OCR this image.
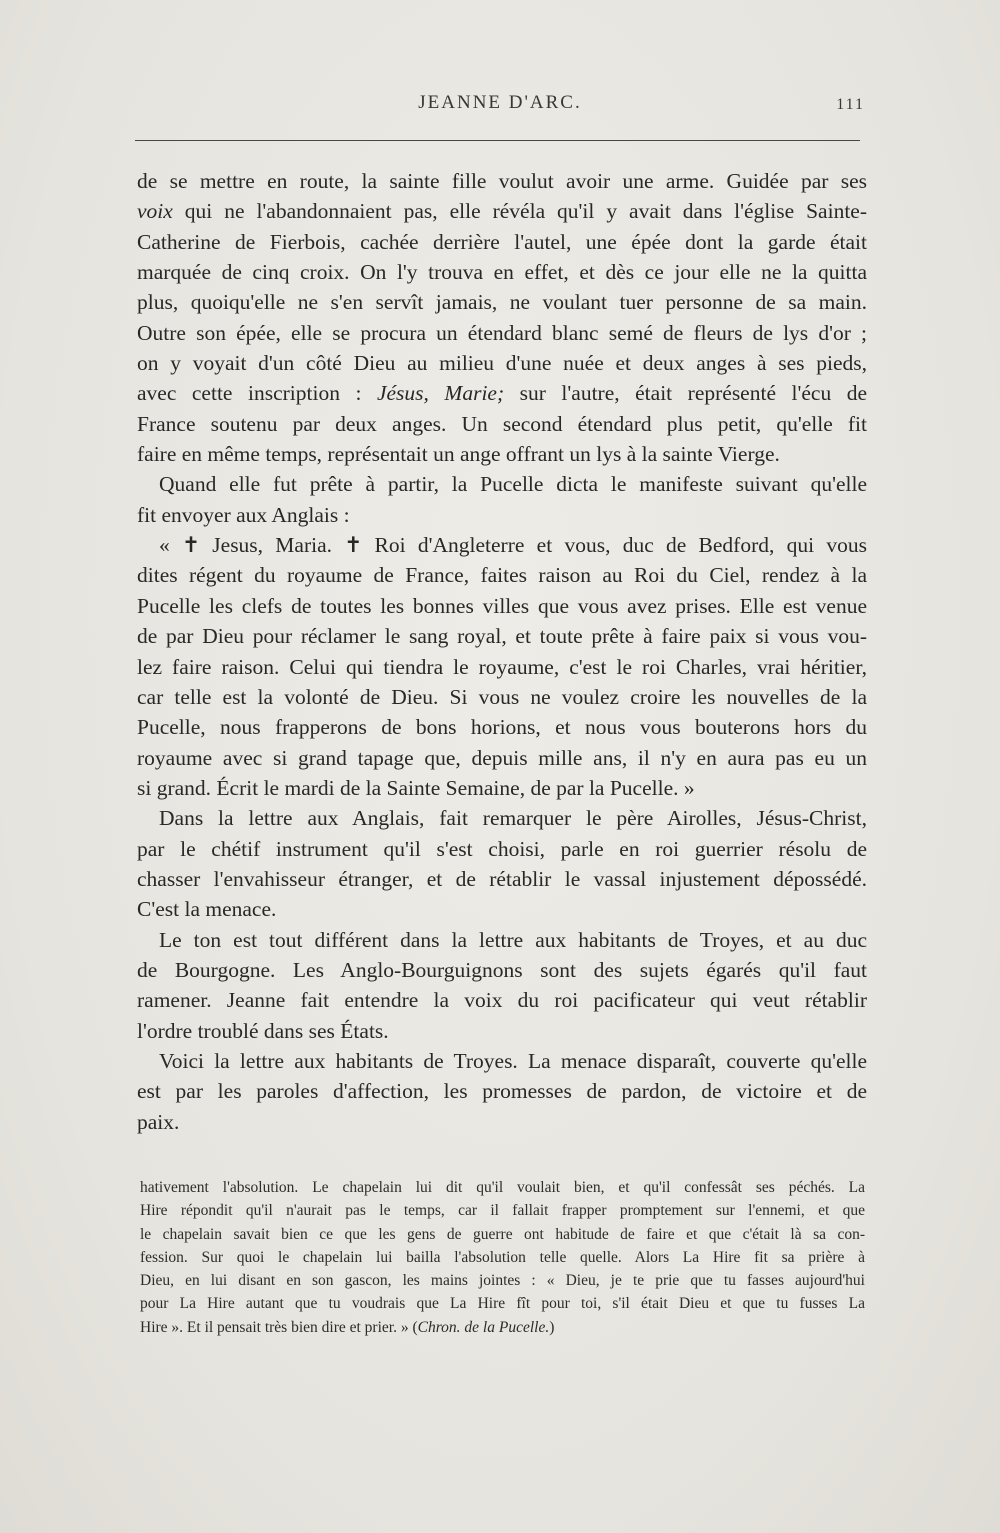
JEANNE D'ARC.	111
de se mettre en route, la sainte fille voulut avoir une arme. Guidée par ses
voix qui ne l'abandonnaient pas, elle révéla qu'il y avait dans l'église Sainte-
Catherine de Fierbois, cachée derrière l'autel, une épée dont la garde était
marquée de cinq croix. On l'y trouva en effet, et dès ce jour elle ne la quitta
plus, quoiqu'elle ne s'en servît jamais, ne voulant tuer personne de sa main.
Outre son épée, elle se procura un étendard blanc semé de fleurs de lys d'or ;
on y voyait d'un côté Dieu au milieu d'une nuée et deux anges à ses pieds,
avec cette inscription : Jésus, Marie; sur l'autre, était représenté l'écu de
France soutenu par deux anges. Un second étendard plus petit, qu'elle fit
faire en même temps, représentait un ange offrant un lys à la sainte Vierge.
Quand elle fut prête à partir, la Pucelle dicta le manifeste suivant qu'elle
fit envoyer aux Anglais :
« ✝ Jesus, Maria. ✝ Roi d'Angleterre et vous, duc de Bedford, qui vous
dites régent du royaume de France, faites raison au Roi du Ciel, rendez à la
Pucelle les clefs de toutes les bonnes villes que vous avez prises. Elle est venue
de par Dieu pour réclamer le sang royal, et toute prête à faire paix si vous vou-
lez faire raison. Celui qui tiendra le royaume, c'est le roi Charles, vrai héritier,
car telle est la volonté de Dieu. Si vous ne voulez croire les nouvelles de la
Pucelle, nous frapperons de bons horions, et nous vous bouterons hors du
royaume avec si grand tapage que, depuis mille ans, il n'y en aura pas eu un
si grand. Écrit le mardi de la Sainte Semaine, de par la Pucelle. »
Dans la lettre aux Anglais, fait remarquer le père Airolles, Jésus-Christ,
par le chétif instrument qu'il s'est choisi, parle en roi guerrier résolu de
chasser l'envahisseur étranger, et de rétablir le vassal injustement dépossédé.
C'est la menace.
Le ton est tout différent dans la lettre aux habitants de Troyes, et au duc
de Bourgogne. Les Anglo-Bourguignons sont des sujets égarés qu'il faut
ramener. Jeanne fait entendre la voix du roi pacificateur qui veut rétablir
l'ordre troublé dans ses États.
Voici la lettre aux habitants de Troyes. La menace disparaît, couverte qu'elle
est par les paroles d'affection, les promesses de pardon, de victoire et de
paix.
hativement l'absolution. Le chapelain lui dit qu'il voulait bien, et qu'il confessât ses péchés. La
Hire répondit qu'il n'aurait pas le temps, car il fallait frapper promptement sur l'ennemi, et que
le chapelain savait bien ce que les gens de guerre ont habitude de faire et que c'était là sa con-
fession. Sur quoi le chapelain lui bailla l'absolution telle quelle. Alors La Hire fit sa prière à
Dieu, en lui disant en son gascon, les mains jointes : « Dieu, je te prie que tu fasses aujourd'hui
pour La Hire autant que tu voudrais que La Hire fît pour toi, s'il était Dieu et que tu fusses La
Hire ». Et il pensait très bien dire et prier. » (Chron. de la Pucelle.)
